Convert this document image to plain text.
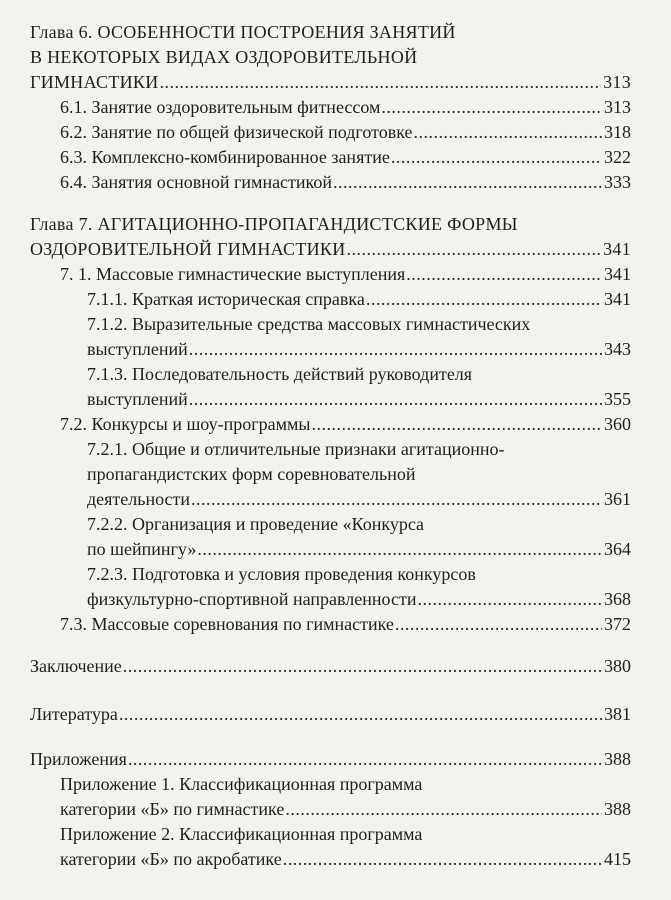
Глава 6. ОСОБЕННОСТИ ПОСТРОЕНИЯ ЗАНЯТИЙ
В НЕКОТОРЫХ ВИДАХ ОЗДОРОВИТЕЛЬНОЙ
ГИМНАСТИКИ .....	313
6.1. Занятие оздоровительным фитнессом .....	313
6.2. Занятие по общей физической подготовке .....	318
6.3. Комплексно-комбинированное занятие .....	322
6.4. Занятия основной гимнастикой .....	333
Глава 7. АГИТАЦИОННО-ПРОПАГАНДИСТСКИЕ ФОРМЫ
ОЗДОРОВИТЕЛЬНОЙ ГИМНАСТИКИ .....	341
7. 1. Массовые гимнастические выступления .....	341
7.1.1. Краткая историческая справка .....	341
7.1.2. Выразительные средства массовых гимнастических
выступлений .....	343
7.1.3. Последовательность действий руководителя
выступлений .....	355
7.2. Конкурсы и шоу-программы .....	360
7.2.1. Общие и отличительные признаки агитационно-
пропагандистских форм соревновательной
деятельности .....	361
7.2.2. Организация и проведение «Конкурса
по шейпингу» .....	364
7.2.3. Подготовка и условия проведения конкурсов
физкультурно-спортивной направленности .....	368
7.3. Массовые соревнования по гимнастике .....	372
Заключение .....	380
Литература .....	381
Приложения .....	388
Приложение 1. Классификационная программа
категории «Б» по гимнастике .....	388
Приложение 2. Классификационная программа
категории «Б» по акробатике .....	415
